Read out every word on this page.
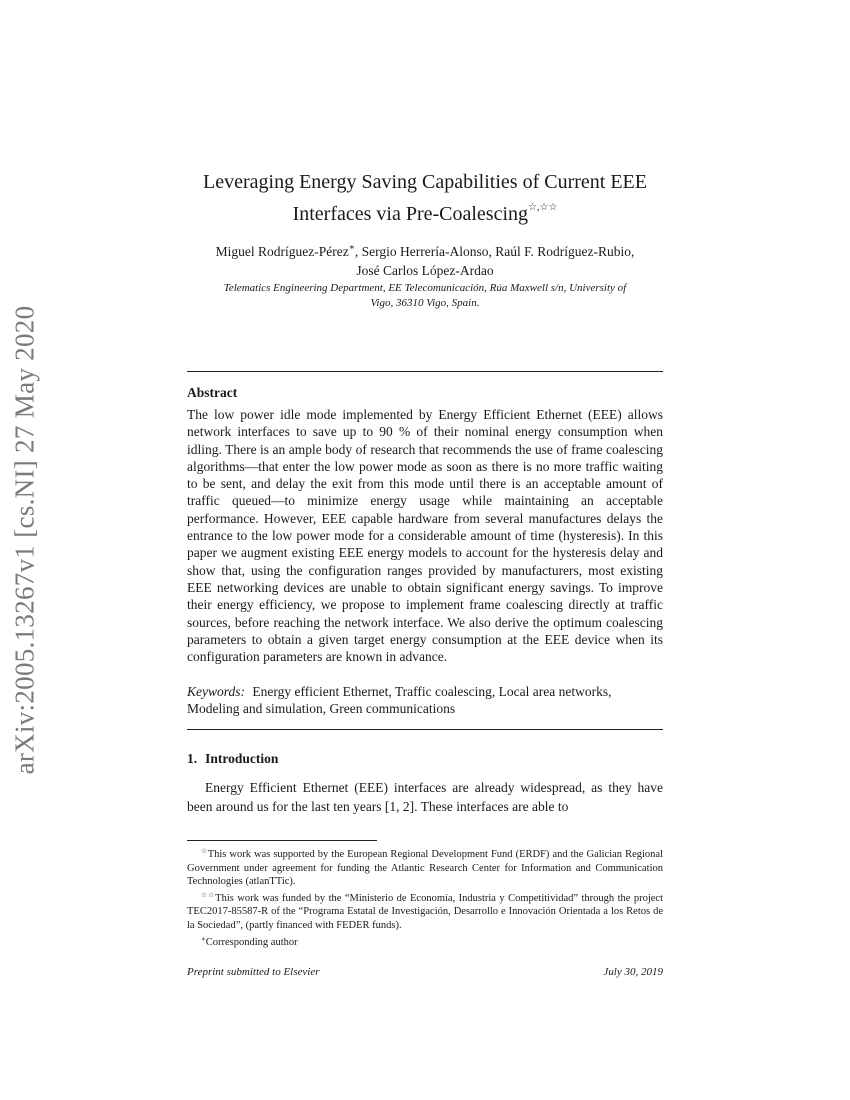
arXiv:2005.13267v1 [cs.NI] 27 May 2020
Leveraging Energy Saving Capabilities of Current EEE
Interfaces via Pre-Coalescing☆,☆☆
Miguel Rodríguez-Pérez∗, Sergio Herrería-Alonso, Raúl F. Rodríguez-Rubio,
José Carlos López-Ardao
Telematics Engineering Department, EE Telecomunicación, Rúa Maxwell s/n, University of
Vigo, 36310 Vigo, Spain.
Abstract
The low power idle mode implemented by Energy Efficient Ethernet (EEE) allows network interfaces to save up to 90 % of their nominal energy consumption when idling. There is an ample body of research that recommends the use of frame coalescing algorithms—that enter the low power mode as soon as there is no more traffic waiting to be sent, and delay the exit from this mode until there is an acceptable amount of traffic queued—to minimize energy usage while maintaining an acceptable performance. However, EEE capable hardware from several manufactures delays the entrance to the low power mode for a considerable amount of time (hysteresis). In this paper we augment existing EEE energy models to account for the hysteresis delay and show that, using the configuration ranges provided by manufacturers, most existing EEE networking devices are unable to obtain significant energy savings. To improve their energy efficiency, we propose to implement frame coalescing directly at traffic sources, before reaching the network interface. We also derive the optimum coalescing parameters to obtain a given target energy consumption at the EEE device when its configuration parameters are known in advance.
Keywords: Energy efficient Ethernet, Traffic coalescing, Local area networks, Modeling and simulation, Green communications
1. Introduction
Energy Efficient Ethernet (EEE) interfaces are already widespread, as they have been around us for the last ten years [1, 2]. These interfaces are able to

☆This work was supported by the European Regional Development Fund (ERDF) and the Galician Regional Government under agreement for funding the Atlantic Research Center for Information and Communication Technologies (atlanTTic).

☆☆This work was funded by the “Ministerio de Economía, Industria y Competitividad” through the project TEC2017-85587-R of the “Programa Estatal de Investigación, Desarrollo e Innovación Orientada a los Retos de la Sociedad”, (partly financed with FEDER funds).

∗Corresponding author

Preprint submitted to Elsevier	July 30, 2019
